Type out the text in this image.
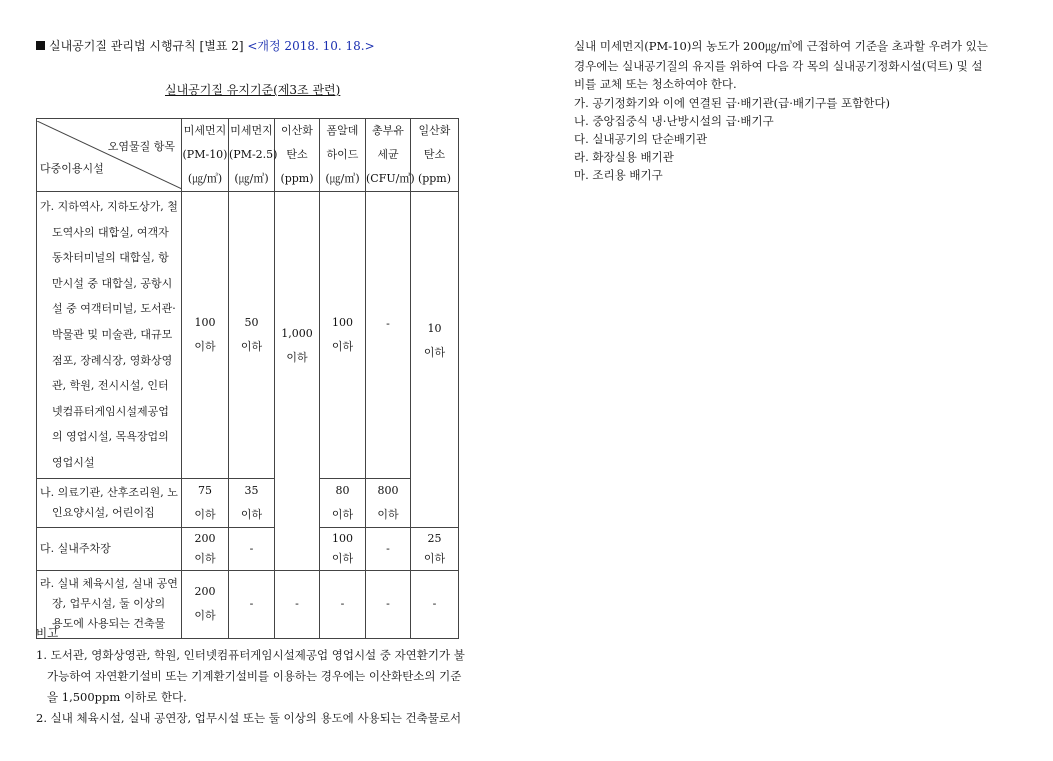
실내공기질 관리법 시행규칙 [별표 2] <개정 2018. 10. 18.>
실내공기질 유지기준(제3조 관련)
오염물질 항목
다중이용시설	미세먼지
(PM-10)
(㎍/㎥)	미세먼지
(PM-2.5)
(㎍/㎥)	이산화
탄소
(ppm)	폼알데
하이드
(㎍/㎥)	총부유
세균
(CFU/㎥)	일산화
탄소
(ppm)

가. 지하역사, 지하도상가, 철도역사의 대합실, 여객자동차터미널의 대합실, 항만시설 중 대합실, 공항시설 중 여객터미널, 도서관·박물관 및 미술관, 대규모 점포, 장례식장, 영화상영관, 학원, 전시시설, 인터넷컴퓨터게임시설제공업의 영업시설, 목욕장업의 영업시설	100
이하	50
이하	1,000
이하	100
이하	-	10
이하

나. 의료기관, 산후조리원, 노인요양시설, 어린이집	75
이하	35
이하		80
이하	800
이하	

다. 실내주차장	200
이하	-		100
이하	-	25
이하

라. 실내 체육시설, 실내 공연장, 업무시설, 둘 이상의 용도에 사용되는 건축물	200
이하	-	-	-	-	-
비고
1. 도서관, 영화상영관, 학원, 인터넷컴퓨터게임시설제공업 영업시설 중 자연환기가 불
가능하여 자연환기설비 또는 기계환기설비를 이용하는 경우에는 이산화탄소의 기준
을 1,500ppm 이하로 한다.
2. 실내 체육시설, 실내 공연장, 업무시설 또는 둘 이상의 용도에 사용되는 건축물로서
실내 미세먼지(PM-10)의 농도가 200㎍/㎥에 근접하여 기준을 초과할 우려가 있는
경우에는 실내공기질의 유지를 위하여 다음 각 목의 실내공기정화시설(덕트) 및 설
비를 교체 또는 청소하여야 한다.
가. 공기정화기와 이에 연결된 급·배기관(급·배기구를 포함한다)
나. 중앙집중식 냉·난방시설의 급·배기구
다. 실내공기의 단순배기관
라. 화장실용 배기관
마. 조리용 배기구
